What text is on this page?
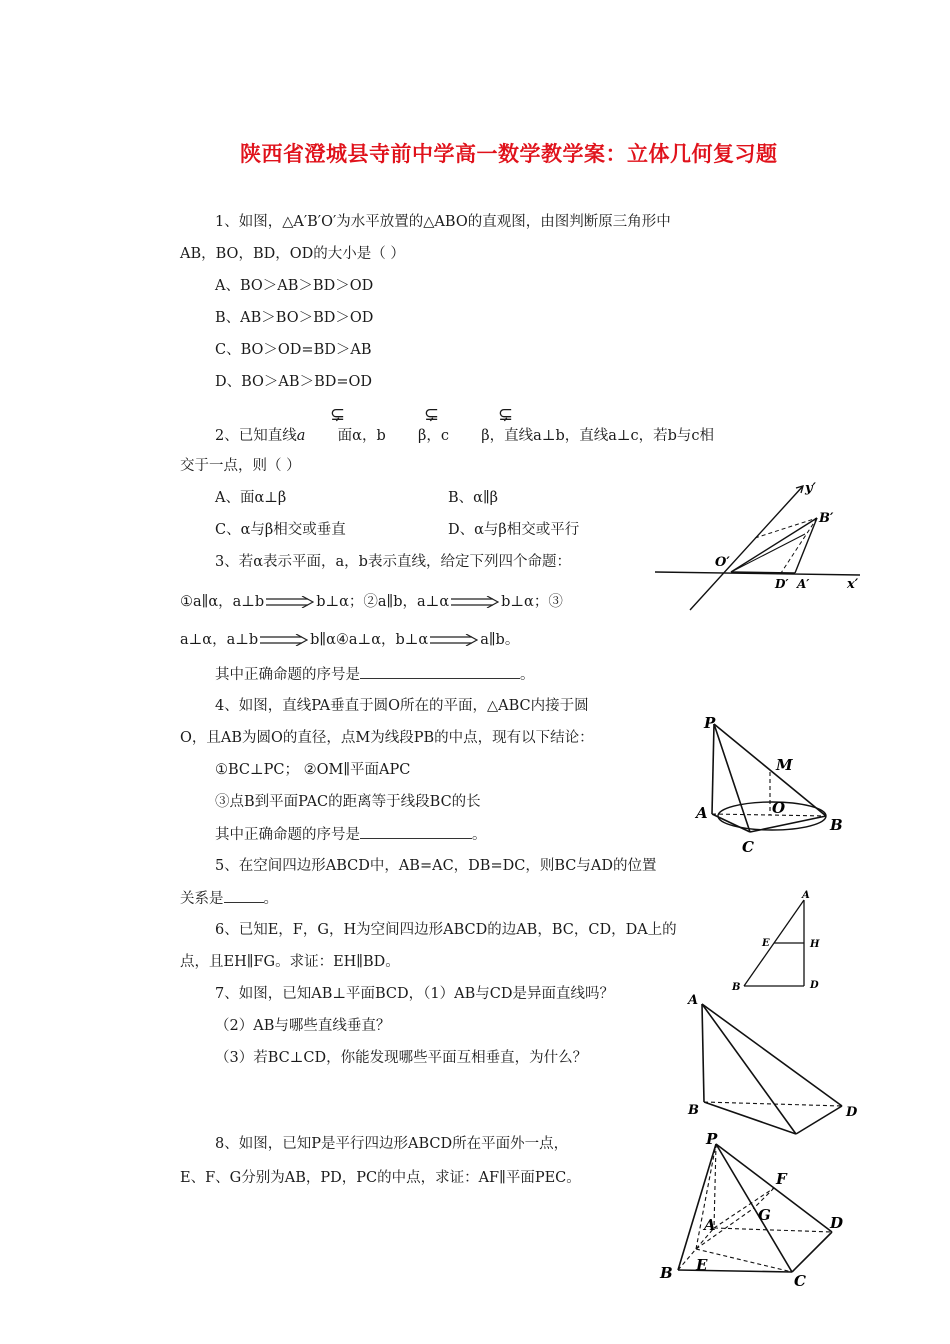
陕西省澄城县寺前中学高一数学教学案：立体几何复习题
1、如图，△A′B′O′为水平放置的△ABO的直观图，由图判断原三角形中
AB，BO，BD，OD的大小是（ ）
A、BO＞AB＞BD＞OD
B、AB＞BO＞BD＞OD
C、BO＞OD=BD＞AB
D、BO＞AB＞BD=OD
⊊	⊊	⊊
2、已知直线a 面α，b β，c β，直线a⊥b，直线a⊥c，若b与c相
交于一点，则（ ）
A、面α⊥β	B、α∥β
C、α与β相交或垂直	D、α与β相交或平行
3、若α表示平面，a，b表示直线，给定下列四个命题：
①a∥α，a⊥b	b⊥α；②a∥b，a⊥α	b⊥α；③
a⊥α，a⊥b	b∥α④a⊥α，b⊥α	a∥b。
其中正确命题的序号是	。
4、如图，直线PA垂直于圆O所在的平面，△ABC内接于圆
O，且AB为圆O的直径，点M为线段PB的中点，现有以下结论：
①BC⊥PC； ②OM∥平面APC
③点B到平面PAC的距离等于线段BC的长
其中正确命题的序号是	。
5、在空间四边形ABCD中，AB=AC，DB=DC，则BC与AD的位置
关系是	。
6、已知E，F，G，H为空间四边形ABCD的边AB，BC，CD，DA上的
点，且EH∥FG。求证：EH∥BD。
7、如图，已知AB⊥平面BCD，（1）AB与CD是异面直线吗？
（2）AB与哪些直线垂直？
（3）若BC⊥CD，你能发现哪些平面互相垂直，为什么？
8、如图，已知P是平行四边形ABCD所在平面外一点，
E、F、G分别为AB，PD，PC的中点，求证：AF∥平面PEC。
y′
B′
O′
D′ A′	x′
P
M
O
A
B
C
A
E	H
B	D
A
B	D
P
F
A
G	D
E
B	C
